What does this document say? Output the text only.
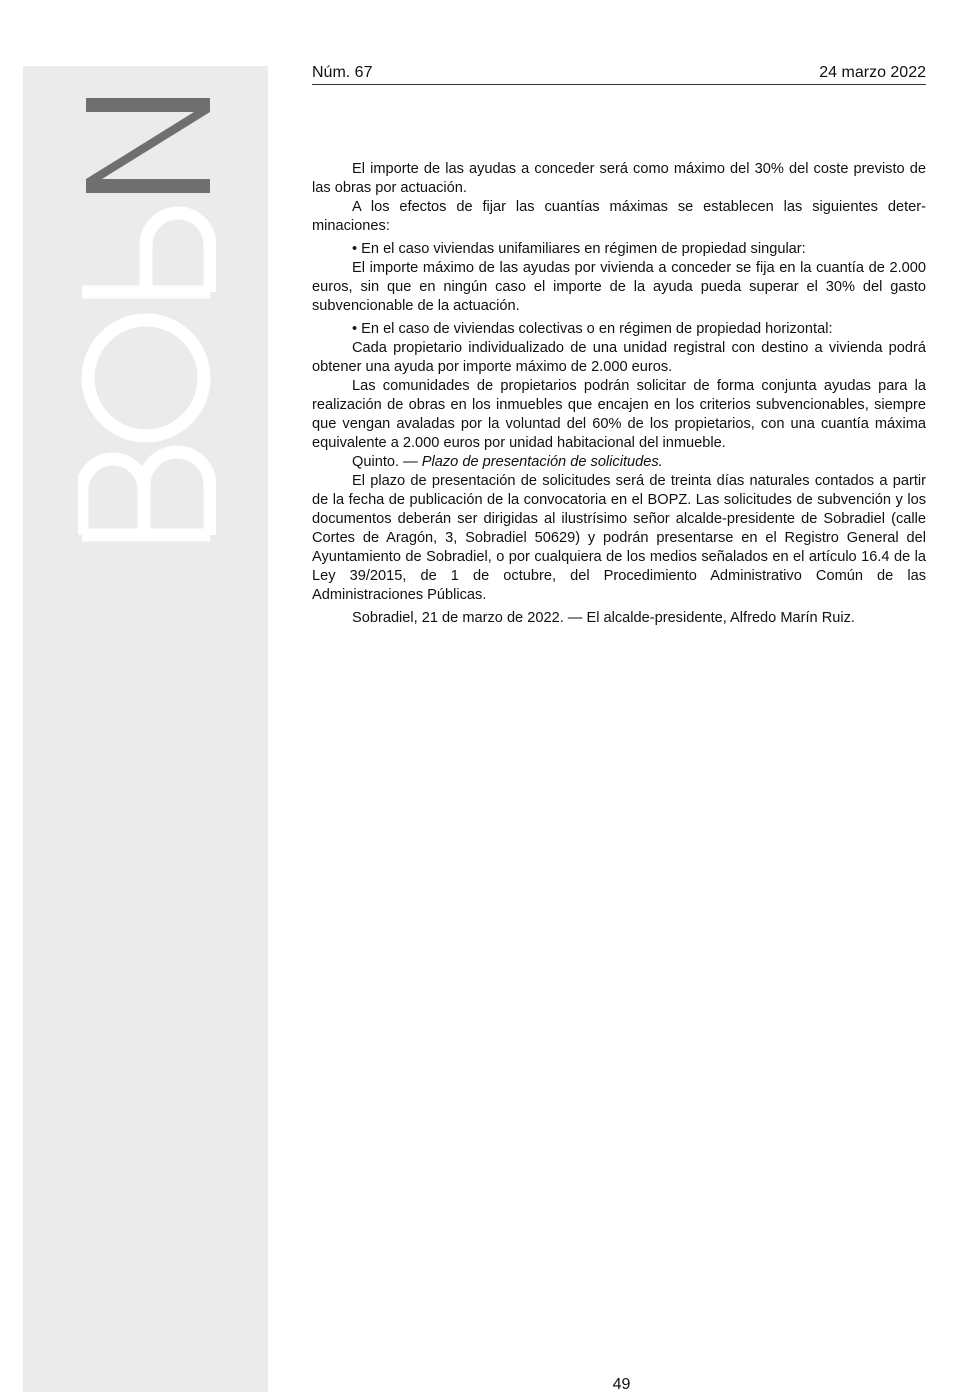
Núm. 67	24 marzo 2022

El importe de las ayudas a conceder será como máximo del 30% del coste previsto de las obras por actuación.

A los efectos de fijar las cuantías máximas se establecen las siguientes determinaciones:

• En el caso viviendas unifamiliares en régimen de propiedad singular:

El importe máximo de las ayudas por vivienda a conceder se fija en la cuantía de 2.000 euros, sin que en ningún caso el importe de la ayuda pueda superar el 30% del gasto subvencionable de la actuación.

• En el caso de viviendas colectivas o en régimen de propiedad horizontal:

Cada propietario individualizado de una unidad registral con destino a vivienda podrá obtener una ayuda por importe máximo de 2.000 euros.

Las comunidades de propietarios podrán solicitar de forma conjunta ayudas para la realización de obras en los inmuebles que encajen en los criterios subvencionables, siempre que vengan avaladas por la voluntad del 60% de los propietarios, con una cuantía máxima equivalente a 2.000 euros por unidad habitacional del inmueble.

Quinto. — Plazo de presentación de solicitudes.

El plazo de presentación de solicitudes será de treinta días naturales contados a partir de la fecha de publicación de la convocatoria en el BOPZ. Las solicitudes de subvención y los documentos deberán ser dirigidas al ilustrísimo señor alcalde-presidente de Sobradiel (calle Cortes de Aragón, 3, Sobradiel 50629) y podrán presentarse en el Registro General del Ayuntamiento de Sobradiel, o por cualquiera de los medios señalados en el artículo 16.4 de la Ley 39/2015, de 1 de octubre, del Procedimiento Administrativo Común de las Administraciones Públicas.

Sobradiel, 21 de marzo de 2022. — El alcalde-presidente, Alfredo Marín Ruiz.

49
